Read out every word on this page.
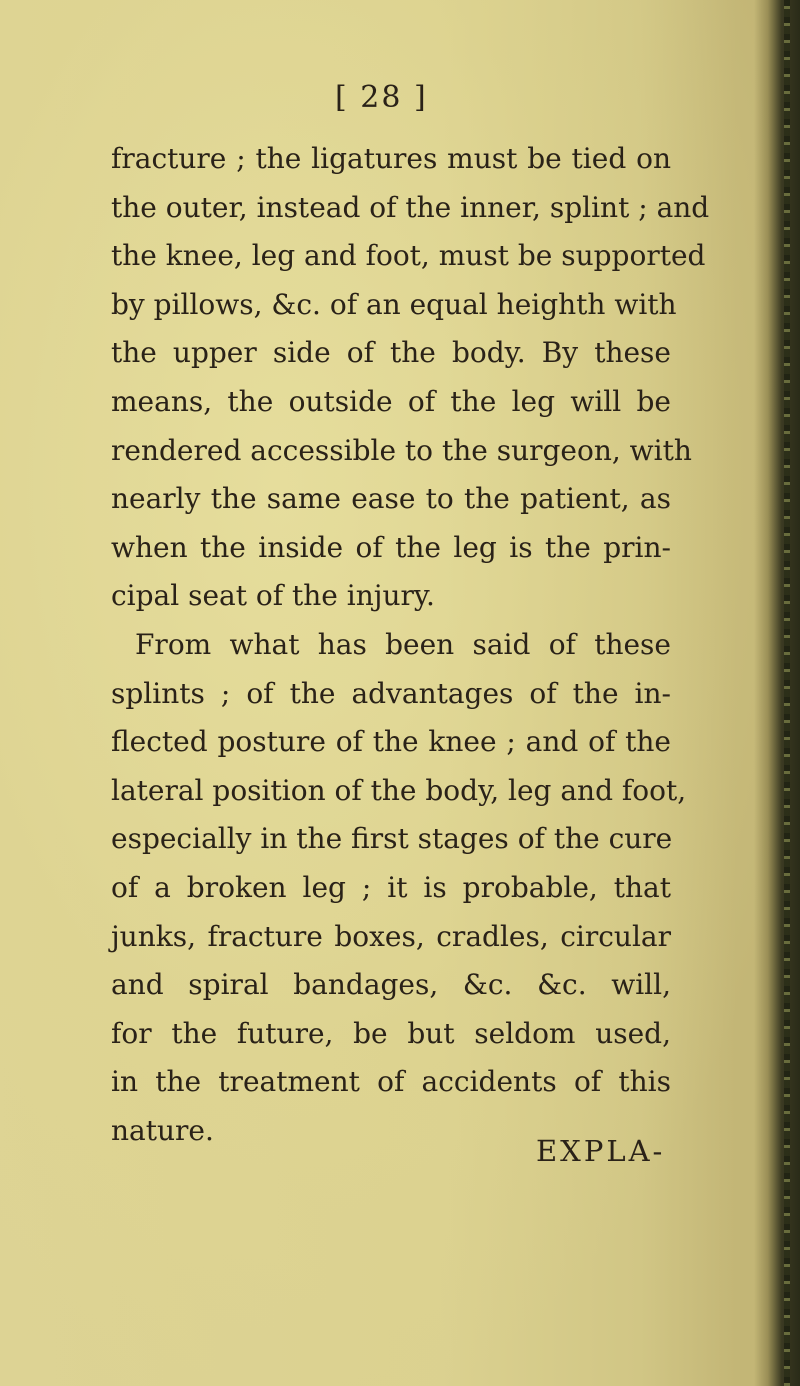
[ 28 ]
fracture ; the ligatures must be tied on
the outer, instead of the inner, splint ; and
the knee, leg and foot, must be supported
by pillows, &c. of an equal heighth with
the upper side of the body. By these
means, the outside of the leg will be
rendered accessible to the surgeon, with
nearly the same ease to the patient, as
when the inside of the leg is the prin-
cipal seat of the injury.
From what has been said of these
splints ; of the advantages of the in-
flected posture of the knee ; and of the
lateral position of the body, leg and foot,
especially in the first stages of the cure
of a broken leg ; it is probable, that
junks, fracture boxes, cradles, circular
and spiral bandages, &c. &c. will,
for the future, be but seldom used,
in the treatment of accidents of this
nature.
EXPLA-
